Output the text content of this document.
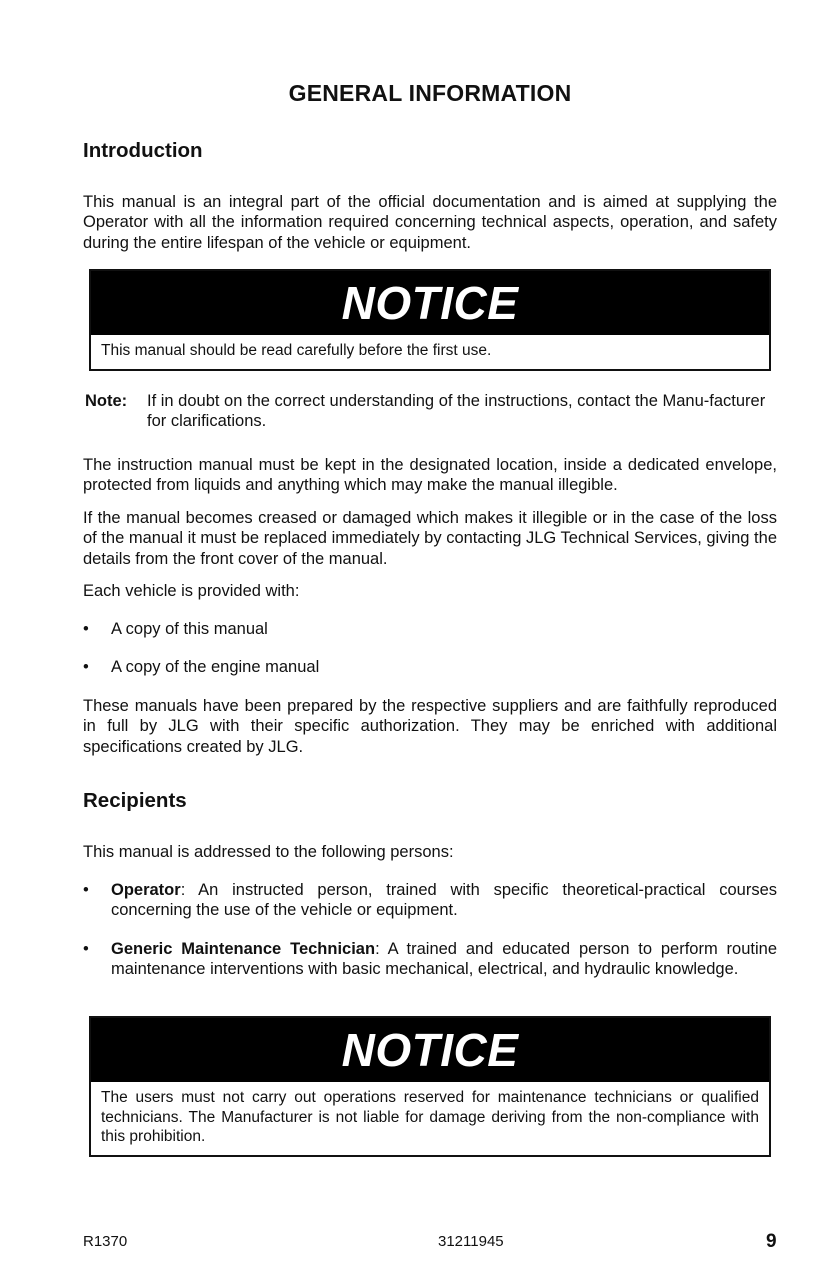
GENERAL INFORMATION
Introduction

This manual is an integral part of the official documentation and is aimed at supplying the Operator with all the information required concerning technical aspects, operation, and safety during the entire lifespan of the vehicle or equipment.

NOTICE
This manual should be read carefully before the first use.
Note: If in doubt on the correct understanding of the instructions, contact the Manu-facturer for clarifications.

The instruction manual must be kept in the designated location, inside a dedicated envelope, protected from liquids and anything which may make the manual illegible.

If the manual becomes creased or damaged which makes it illegible or in the case of the loss of the manual it must be replaced immediately by contacting JLG Technical Services, giving the details from the front cover of the manual.

Each vehicle is provided with:

• A copy of this manual
• A copy of the engine manual

These manuals have been prepared by the respective suppliers and are faithfully reproduced in full by JLG with their specific authorization. They may be enriched with additional specifications created by JLG.

Recipients

This manual is addressed to the following persons:

• Operator: An instructed person, trained with specific theoretical-practical courses concerning the use of the vehicle or equipment.
• Generic Maintenance Technician: A trained and educated person to perform routine maintenance interventions with basic mechanical, electrical, and hydraulic knowledge.
NOTICE
The users must not carry out operations reserved for maintenance technicians or qualified technicians. The Manufacturer is not liable for damage deriving from the non-compliance with this prohibition.
R1370	31211945	9
